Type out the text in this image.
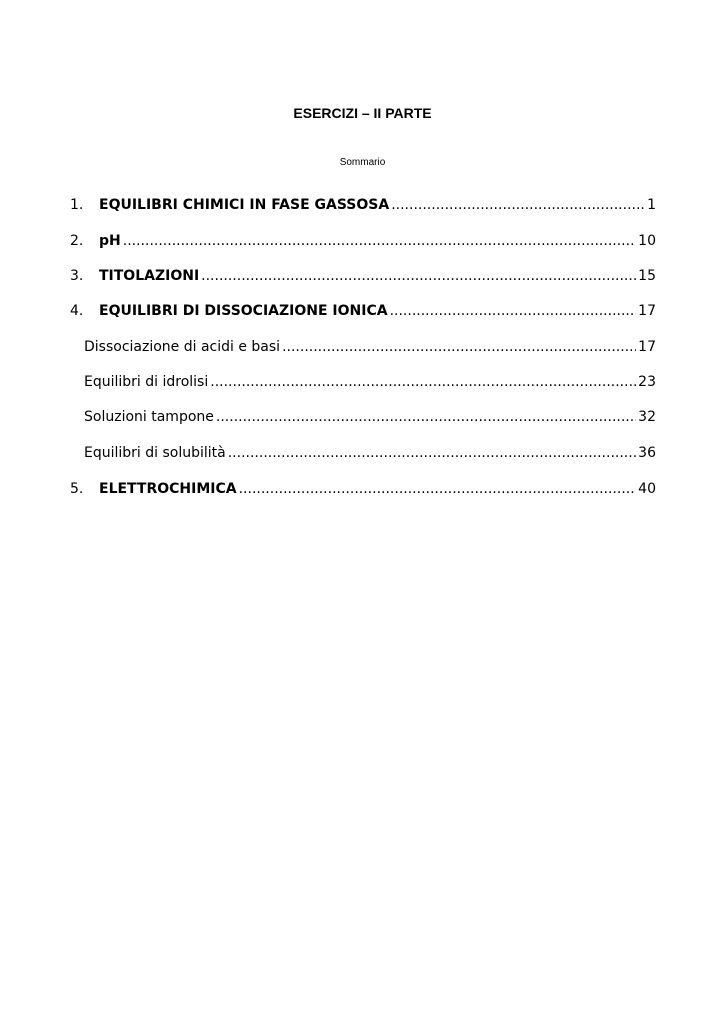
ESERCIZI – II PARTE

Sommario

1.	EQUILIBRI CHIMICI IN FASE GASSOSA .....	1
2.	pH .....	10
3.	TITOLAZIONI .....	15
4.	EQUILIBRI DI DISSOCIAZIONE IONICA .....	17
Dissociazione di acidi e basi .....	17
Equilibri di idrolisi .....	23
Soluzioni tampone .....	32
Equilibri di solubilità .....	36
5.	ELETTROCHIMICA .....	40
